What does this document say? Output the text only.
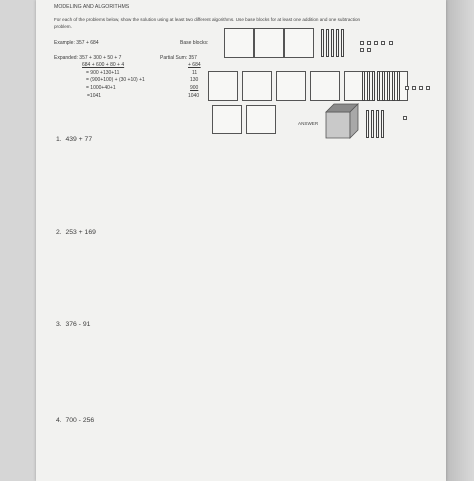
MODELING AND ALGORITHMS
For each of the problems below, show the solution using at least two different algorithms. Use base blocks for at least one addition and one subtraction
problem.
Example: 357 + 684
Expanded: 357 + 300 + 50 + 7
684 + 600 + 80 + 4
= 900 +130+11
= (900+100) + (30 +10) +1
= 1000+40+1
=1041
Partial Sum: 357
+ 684
11
130
900
1040
Base blocks:
ANSWER
1. 439 + 77
2. 253 + 169
3. 376 - 91
4. 700 - 256
